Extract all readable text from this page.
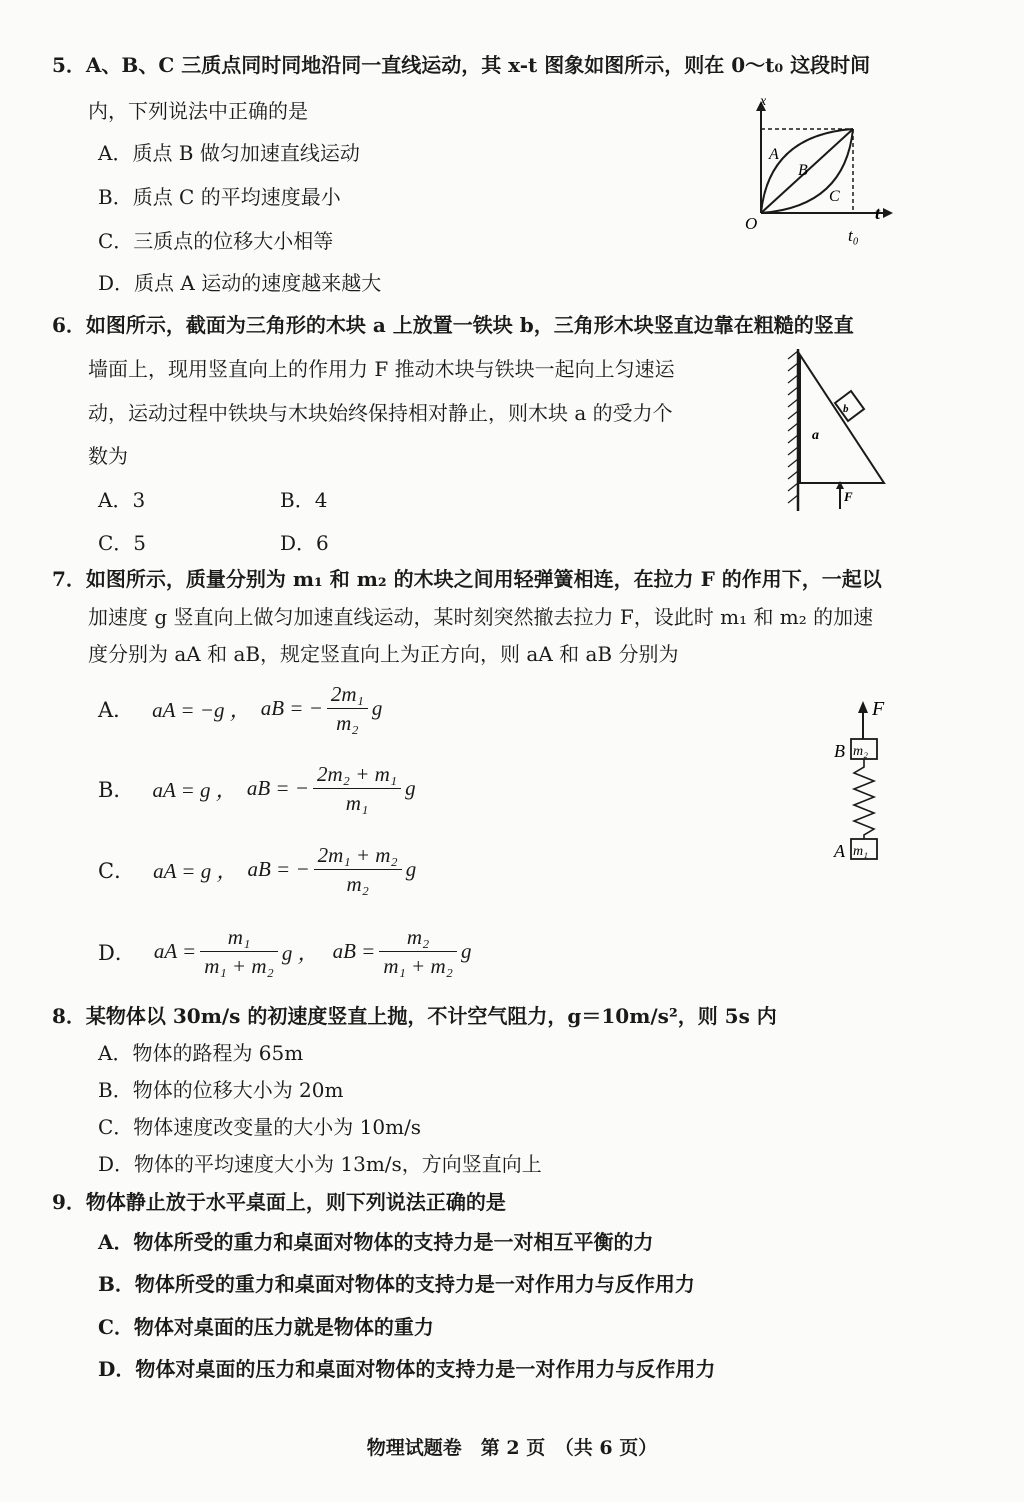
5．A、B、C 三质点同时同地沿同一直线运动，其 x-t 图象如图所示，则在 0～t₀ 这段时间
内，下列说法中正确的是
A．质点 B 做匀加速直线运动
B．质点 C 的平均速度最小
C．三质点的位移大小相等
D．质点 A 运动的速度越来越大
x
t
O
t₀
A
B
C
6．如图所示，截面为三角形的木块 a 上放置一铁块 b，三角形木块竖直边靠在粗糙的竖直
墙面上，现用竖直向上的作用力 F 推动木块与铁块一起向上匀速运
动，运动过程中铁块与木块始终保持相对静止，则木块 a 的受力个
数为
A．3	B．4
C．5	D．6
a
b
F
7．如图所示，质量分别为 m₁ 和 m₂ 的木块之间用轻弹簧相连，在拉力 F 的作用下，一起以
加速度 g 竖直向上做匀加速直线运动，某时刻突然撤去拉力 F，设此时 m₁ 和 m₂ 的加速
度分别为 aA 和 aB，规定竖直向上为正方向，则 aA 和 aB 分别为
A． aA = −g ， aB = − $\frac{\text{2m₁}}{\text{m₂}}$ g
B． aA = g ， aB = − $\frac{\text{2m₂ + m₁}}{\text{m₁}}$ g
C． aA = g ， aB = − $\frac{\text{2m₁ + m₂}}{\text{m₂}}$ g
D． aA = $\frac{\text{m₁}}{\text{m₁ + m₂}}$ g ， aB = $\frac{\text{m₂}}{\text{m₁ + m₂}}$ g
F
m₂
B
m₁
A
8．某物体以 30m/s 的初速度竖直上抛，不计空气阻力，g＝10m/s²，则 5s 内
A．物体的路程为 65m
B．物体的位移大小为 20m
C．物体速度改变量的大小为 10m/s
D．物体的平均速度大小为 13m/s，方向竖直向上
9．物体静止放于水平桌面上，则下列说法正确的是
A．物体所受的重力和桌面对物体的支持力是一对相互平衡的力
B．物体所受的重力和桌面对物体的支持力是一对作用力与反作用力
C．物体对桌面的压力就是物体的重力
D．物体对桌面的压力和桌面对物体的支持力是一对作用力与反作用力
物理试题卷　第 2 页　（共 6 页）
